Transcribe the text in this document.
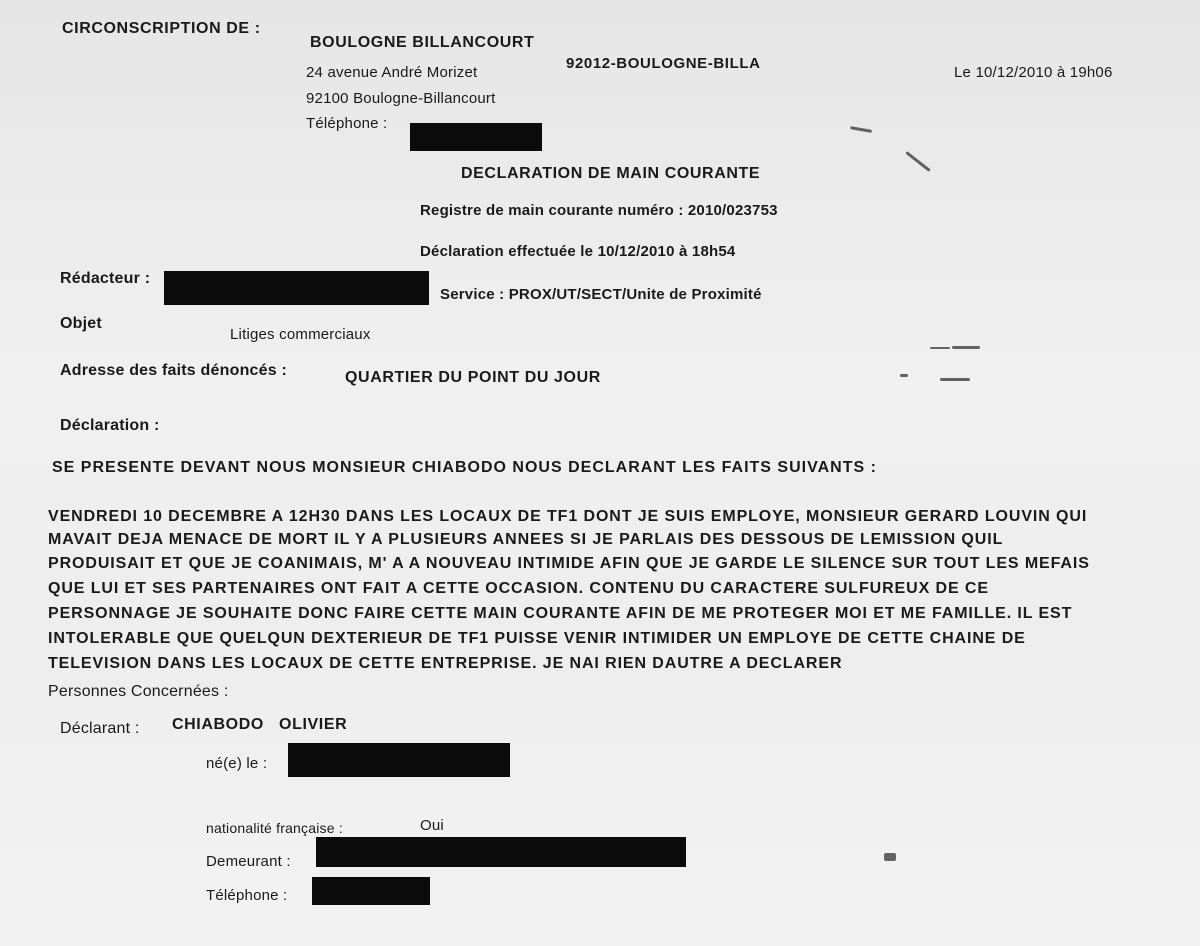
CIRCONSCRIPTION DE :
BOULOGNE BILLANCOURT
92012-BOULOGNE-BILLA
24 avenue André Morizet
92100 Boulogne-Billancourt
Téléphone :
Le 10/12/2010 à 19h06
DECLARATION DE MAIN COURANTE
Registre de main courante numéro : 2010/023753
Déclaration effectuée le 10/12/2010 à 18h54
Rédacteur :
Service : PROX/UT/SECT/Unite de Proximité
Objet
Litiges commerciaux
Adresse des faits dénoncés :	QUARTIER DU POINT DU JOUR
Déclaration :
SE PRESENTE DEVANT NOUS MONSIEUR CHIABODO NOUS DECLARANT LES FAITS SUIVANTS :
VENDREDI 10 DECEMBRE A 12H30 DANS LES LOCAUX DE TF1 DONT JE SUIS EMPLOYE, MONSIEUR GERARD LOUVIN QUI
MAVAIT DEJA MENACE DE MORT IL Y A PLUSIEURS ANNEES SI JE PARLAIS DES DESSOUS DE LEMISSION QUIL
PRODUISAIT ET QUE JE COANIMAIS, M' A A NOUVEAU INTIMIDE AFIN QUE JE GARDE LE SILENCE SUR TOUT LES MEFAIS
QUE LUI ET SES PARTENAIRES ONT FAIT A CETTE OCCASION. CONTENU DU CARACTERE SULFUREUX DE CE
PERSONNAGE JE SOUHAITE DONC FAIRE CETTE MAIN COURANTE AFIN DE ME PROTEGER MOI ET ME FAMILLE. IL EST
INTOLERABLE QUE QUELQUN DEXTERIEUR DE TF1 PUISSE VENIR INTIMIDER UN EMPLOYE DE CETTE CHAINE DE
TELEVISION DANS LES LOCAUX DE CETTE ENTREPRISE. JE NAI RIEN DAUTRE A DECLARER
Personnes Concernées :
Déclarant : CHIABODO   OLIVIER
né(e) le :
nationalité française :	Oui
Demeurant :
Téléphone :
